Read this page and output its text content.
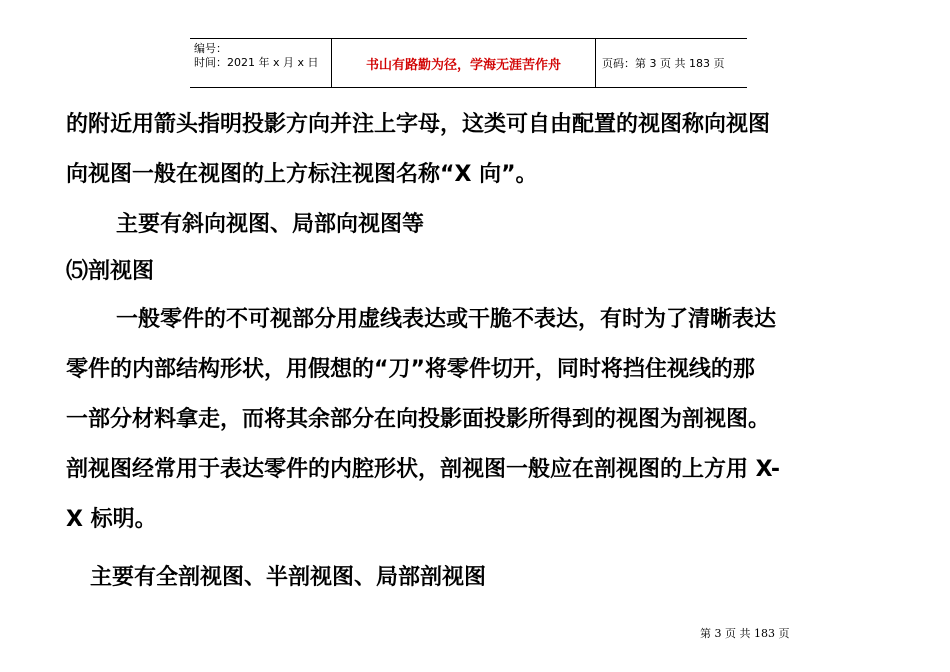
编号：
时间：2021 年 x 月 x 日	书山有路勤为径，学海无涯苦作舟	页码：第 3 页 共 183 页
的附近用箭头指明投影方向并注上字母，这类可自由配置的视图称向视图
向视图一般在视图的上方标注视图名称“X 向”。
主要有斜向视图、局部向视图等
⑸剖视图
一般零件的不可视部分用虚线表达或干脆不表达，有时为了清晰表达
零件的内部结构形状，用假想的“刀”将零件切开，同时将挡住视线的那
一部分材料拿走，而将其余部分在向投影面投影所得到的视图为剖视图。
剖视图经常用于表达零件的内腔形状，剖视图一般应在剖视图的上方用 X-
X 标明。
主要有全剖视图、半剖视图、局部剖视图
第 3 页 共 183 页
